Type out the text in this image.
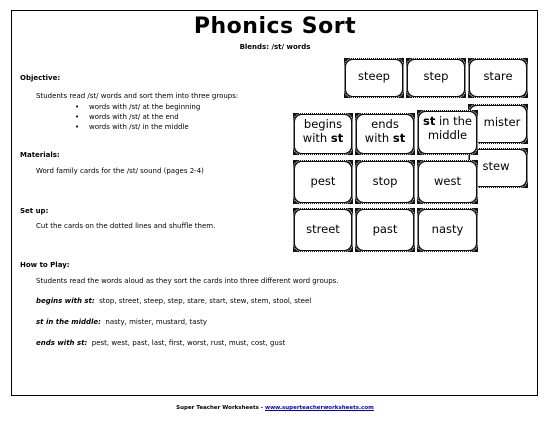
Phonics Sort
Blends: /st/ words
Objective:
Students read /st/ words and sort them into three groups:
• words with /st/ at the beginning
• words with /st/ at the end
• words with /st/ in the middle
Materials:
Word family cards for the /st/ sound (pages 2-4)
Set up:
Cut the cards on the dotted lines and shuffle them.
How to Play:
Students read the words aloud as they sort the cards into three different word groups.
begins with st: stop, street, steep, step, stare, start, stew, stem, stool, steel
st in the middle: nasty, mister, mustard, tasty
ends with st: pest, west, past, last, first, worst, rust, must, cost, gust
steep	step	stare
mister
stew
begins
with st
ends
with st
st in the
middle
pest	stop	west
street	past	nasty
Super Teacher Worksheets - www.superteacherworksheets.com
